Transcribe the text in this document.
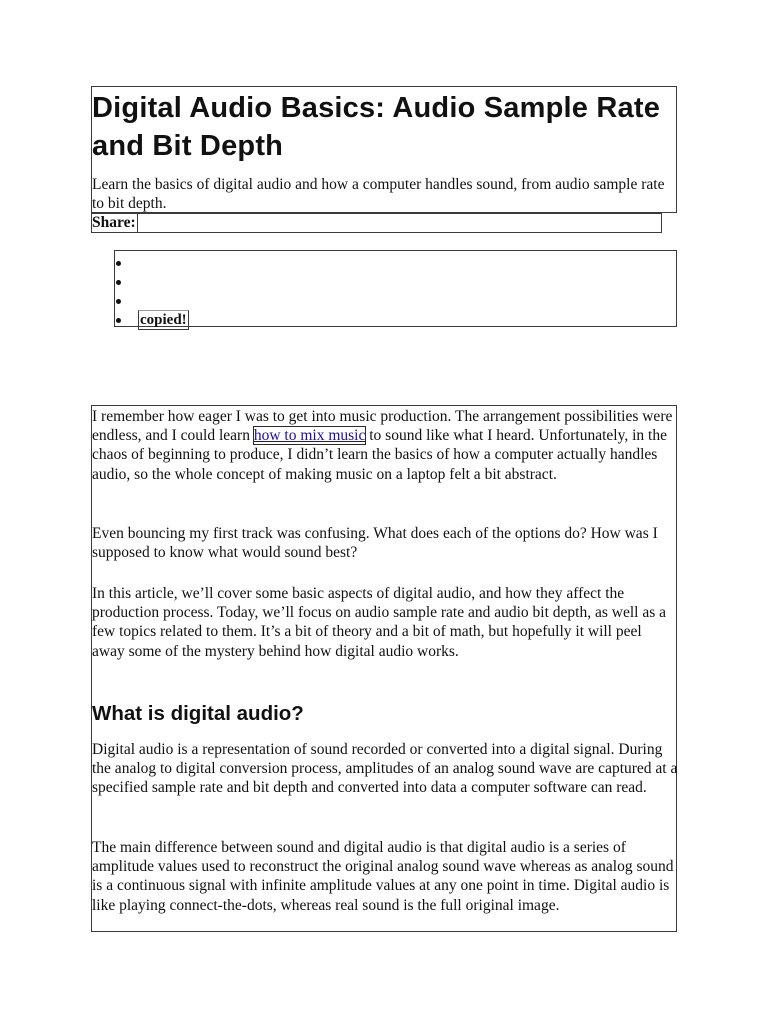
Digital Audio Basics: Audio Sample Rate and Bit Depth

Learn the basics of digital audio and how a computer handles sound, from audio sample rate to bit depth.

Share:
copied!

I remember how eager I was to get into music production. The arrangement possibilities were endless, and I could learn how to mix music to sound like what I heard. Unfortunately, in the chaos of beginning to produce, I didn’t learn the basics of how a computer actually handles audio, so the whole concept of making music on a laptop felt a bit abstract.

Even bouncing my first track was confusing. What does each of the options do? How was I supposed to know what would sound best?

In this article, we’ll cover some basic aspects of digital audio, and how they affect the production process. Today, we’ll focus on audio sample rate and audio bit depth, as well as a few topics related to them. It’s a bit of theory and a bit of math, but hopefully it will peel away some of the mystery behind how digital audio works.

What is digital audio?

Digital audio is a representation of sound recorded or converted into a digital signal. During the analog to digital conversion process, amplitudes of an analog sound wave are captured at a specified sample rate and bit depth and converted into data a computer software can read.

The main difference between sound and digital audio is that digital audio is a series of amplitude values used to reconstruct the original analog sound wave whereas as analog sound is a continuous signal with infinite amplitude values at any one point in time. Digital audio is like playing connect-the-dots, whereas real sound is the full original image.
